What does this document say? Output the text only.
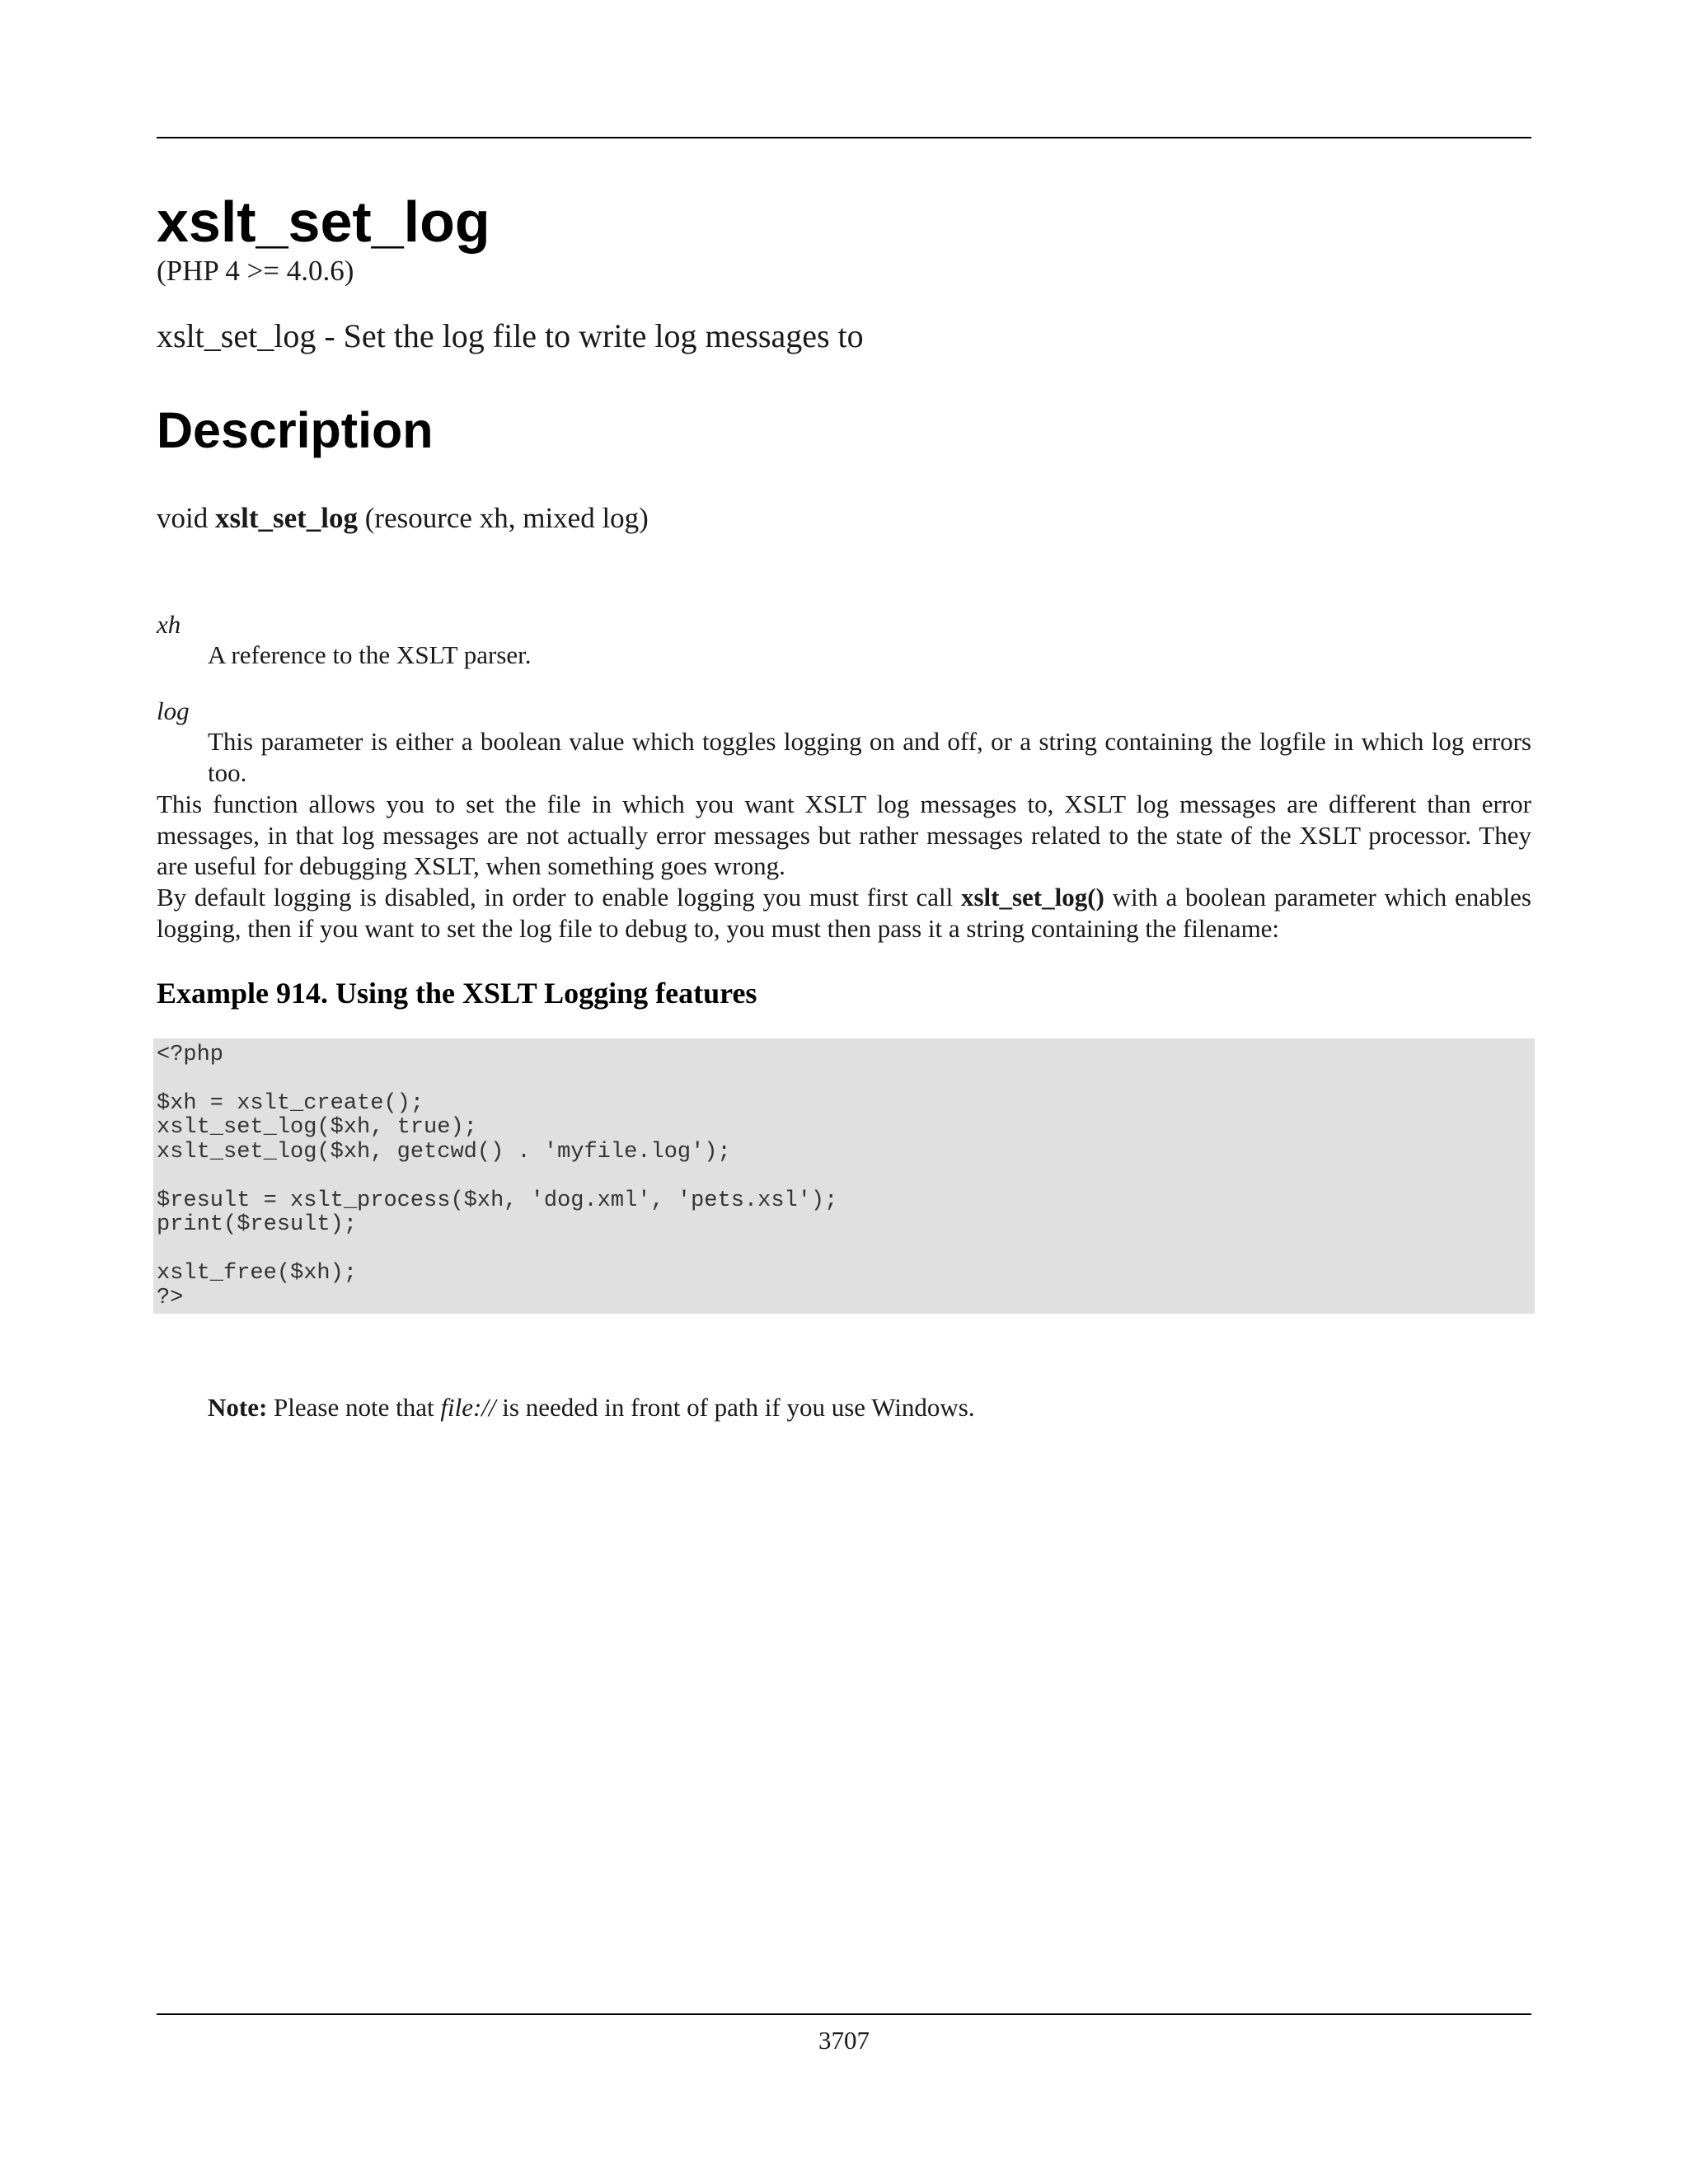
xslt_set_log
(PHP 4 >= 4.0.6)
xslt_set_log - Set the log file to write log messages to
Description
void xslt_set_log (resource xh, mixed log)
xh
A reference to the XSLT parser.
log
This parameter is either a boolean value which toggles logging on and off, or a string containing the logfile in which log errors too.

This function allows you to set the file in which you want XSLT log messages to, XSLT log messages are different than error messages, in that log messages are not actually error messages but rather messages related to the state of the XSLT processor. They are useful for debugging XSLT, when something goes wrong.

By default logging is disabled, in order to enable logging you must first call xslt_set_log() with a boolean parameter which enables logging, then if you want to set the log file to debug to, you must then pass it a string containing the filename:

Example 914. Using the XSLT Logging features
<?php
$xh = xslt_create();
xslt_set_log($xh, true);
xslt_set_log($xh, getcwd() . 'myfile.log');
$result = xslt_process($xh, 'dog.xml', 'pets.xsl');
print($result);
xslt_free($xh);
?>
Note: Please note that file:// is needed in front of path if you use Windows.
3707
